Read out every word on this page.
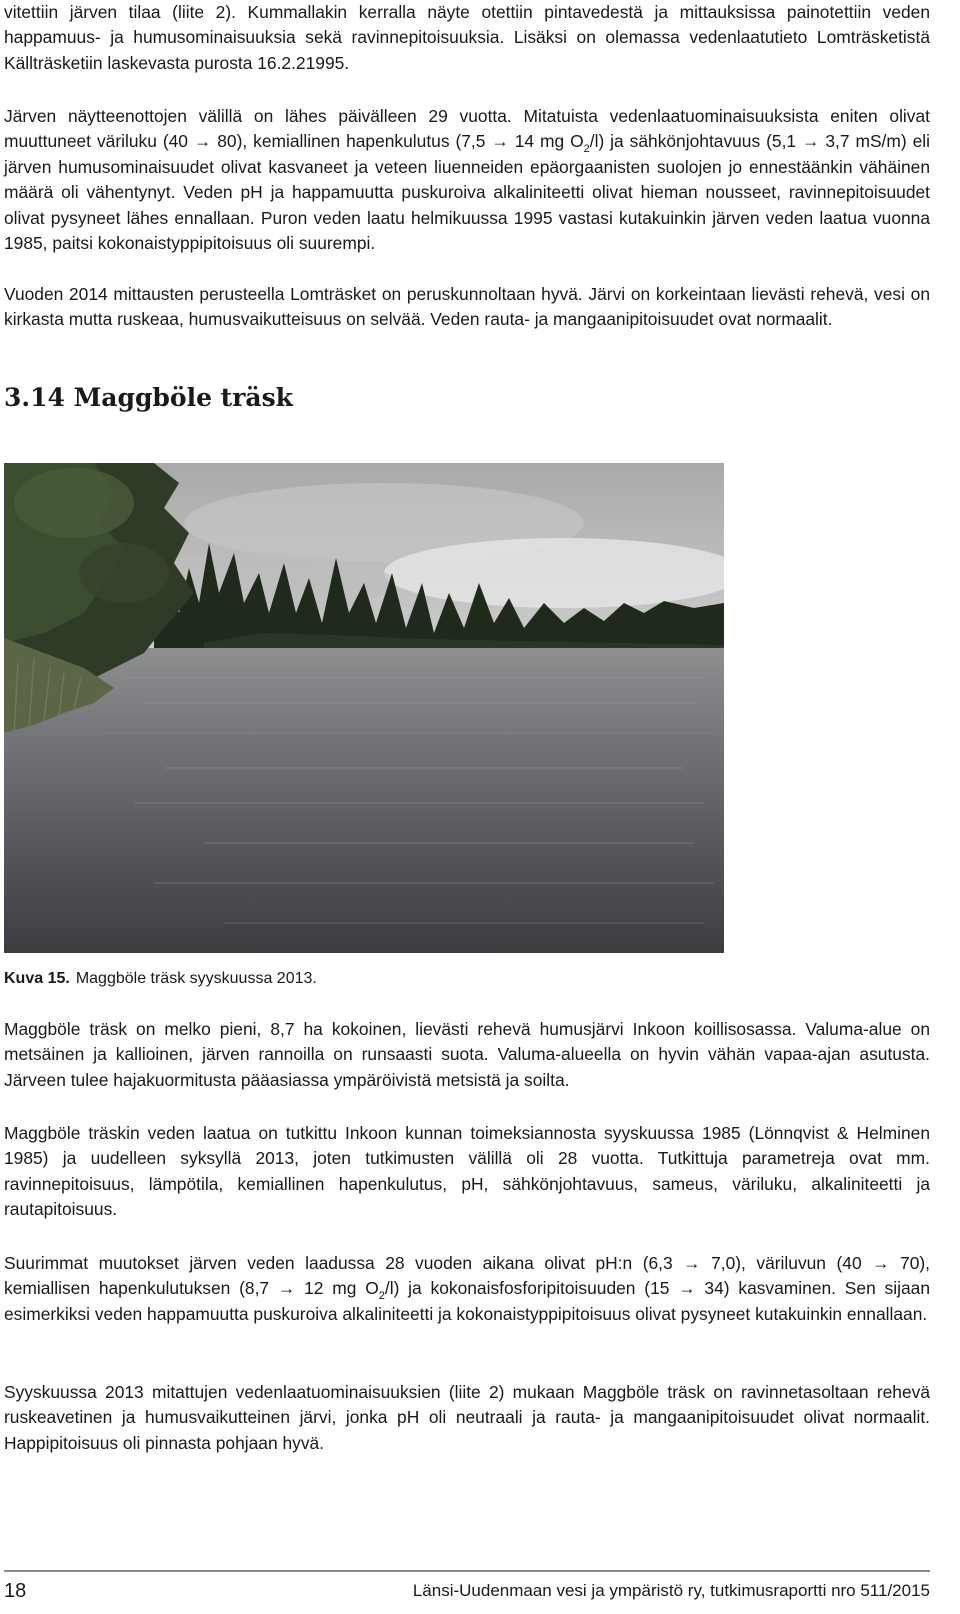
vitettiin järven tilaa (liite 2). Kummallakin kerralla näyte otettiin pintavedestä ja mittauksissa painotettiin veden happamuus- ja humusominaisuuksia sekä ravinnepitoisuuksia. Lisäksi on olemassa vedenlaatutieto Lomträsketistä Källträsketiin laskevasta purosta 16.2.21995.

Järven näytteenottojen välillä on lähes päivälleen 29 vuotta. Mitatuista vedenlaatuominaisuuksista eniten olivat muuttuneet väriluku (40 → 80), kemiallinen hapenkulutus (7,5 → 14 mg $O_2/l$) ja sähkönjohtavuus (5,1 → 3,7 mS/m) eli järven humusominaisuudet olivat kasvaneet ja veteen liuenneiden epäorgaanisten suolojen jo ennestäänkin vähäinen määrä oli vähentynyt. Veden pH ja happamuutta puskuroiva alkaliniteetti olivat hieman nousseet, ravinnepitoisuudet olivat pysyneet lähes ennallaan. Puron veden laatu helmikuussa 1995 vastasi kutakuinkin järven veden laatua vuonna 1985, paitsi kokonaistyppipitoisuus oli suurempi.

Vuoden 2014 mittausten perusteella Lomträsket on peruskunnoltaan hyvä. Järvi on korkeintaan lievästi rehevä, vesi on kirkasta mutta ruskeaa, humusvaikutteisuus on selvää. Veden rauta- ja mangaanipitoisuudet ovat normaalit.

3.14 Maggböle träsk
Kuva 15. Maggböle träsk syyskuussa 2013.

Maggböle träsk on melko pieni, 8,7 ha kokoinen, lievästi rehevä humusjärvi Inkoon koillisosassa. Valuma-alue on metsäinen ja kallioinen, järven rannoilla on runsaasti suota. Valuma-alueella on hyvin vähän vapaa-ajan asutusta. Järveen tulee hajakuormitusta pääasiassa ympäröivistä metsistä ja soilta.

Maggböle träskin veden laatua on tutkittu Inkoon kunnan toimeksiannosta syyskuussa 1985 (Lönnqvist & Helminen 1985) ja uudelleen syksyllä 2013, joten tutkimusten välillä oli 28 vuotta. Tutkittuja parametreja ovat mm. ravinnepitoisuus, lämpötila, kemiallinen hapenkulutus, pH, sähkönjohtavuus, sameus, väriluku, alkaliniteetti ja rautapitoisuus.

Suurimmat muutokset järven veden laadussa 28 vuoden aikana olivat pH:n (6,3 → 7,0), väriluvun (40 → 70), kemiallisen hapenkulutuksen (8,7 → 12 mg $O_2/l$) ja kokonaisfosforipitoisuuden (15 → 34) kasvaminen. Sen sijaan esimerkiksi veden happamuutta puskuroiva alkaliniteetti ja kokonaistyppipitoisuus olivat pysyneet kutakuinkin ennallaan.

Syyskuussa 2013 mitattujen vedenlaatuominaisuuksien (liite 2) mukaan Maggböle träsk on ravinnetasoltaan rehevä ruskeavetinen ja humusvaikutteinen järvi, jonka pH oli neutraali ja rauta- ja mangaanipitoisuudet olivat normaalit. Happipitoisuus oli pinnasta pohjaan hyvä.

18	Länsi-Uudenmaan vesi ja ympäristö ry, tutkimusraportti nro 511/2015
